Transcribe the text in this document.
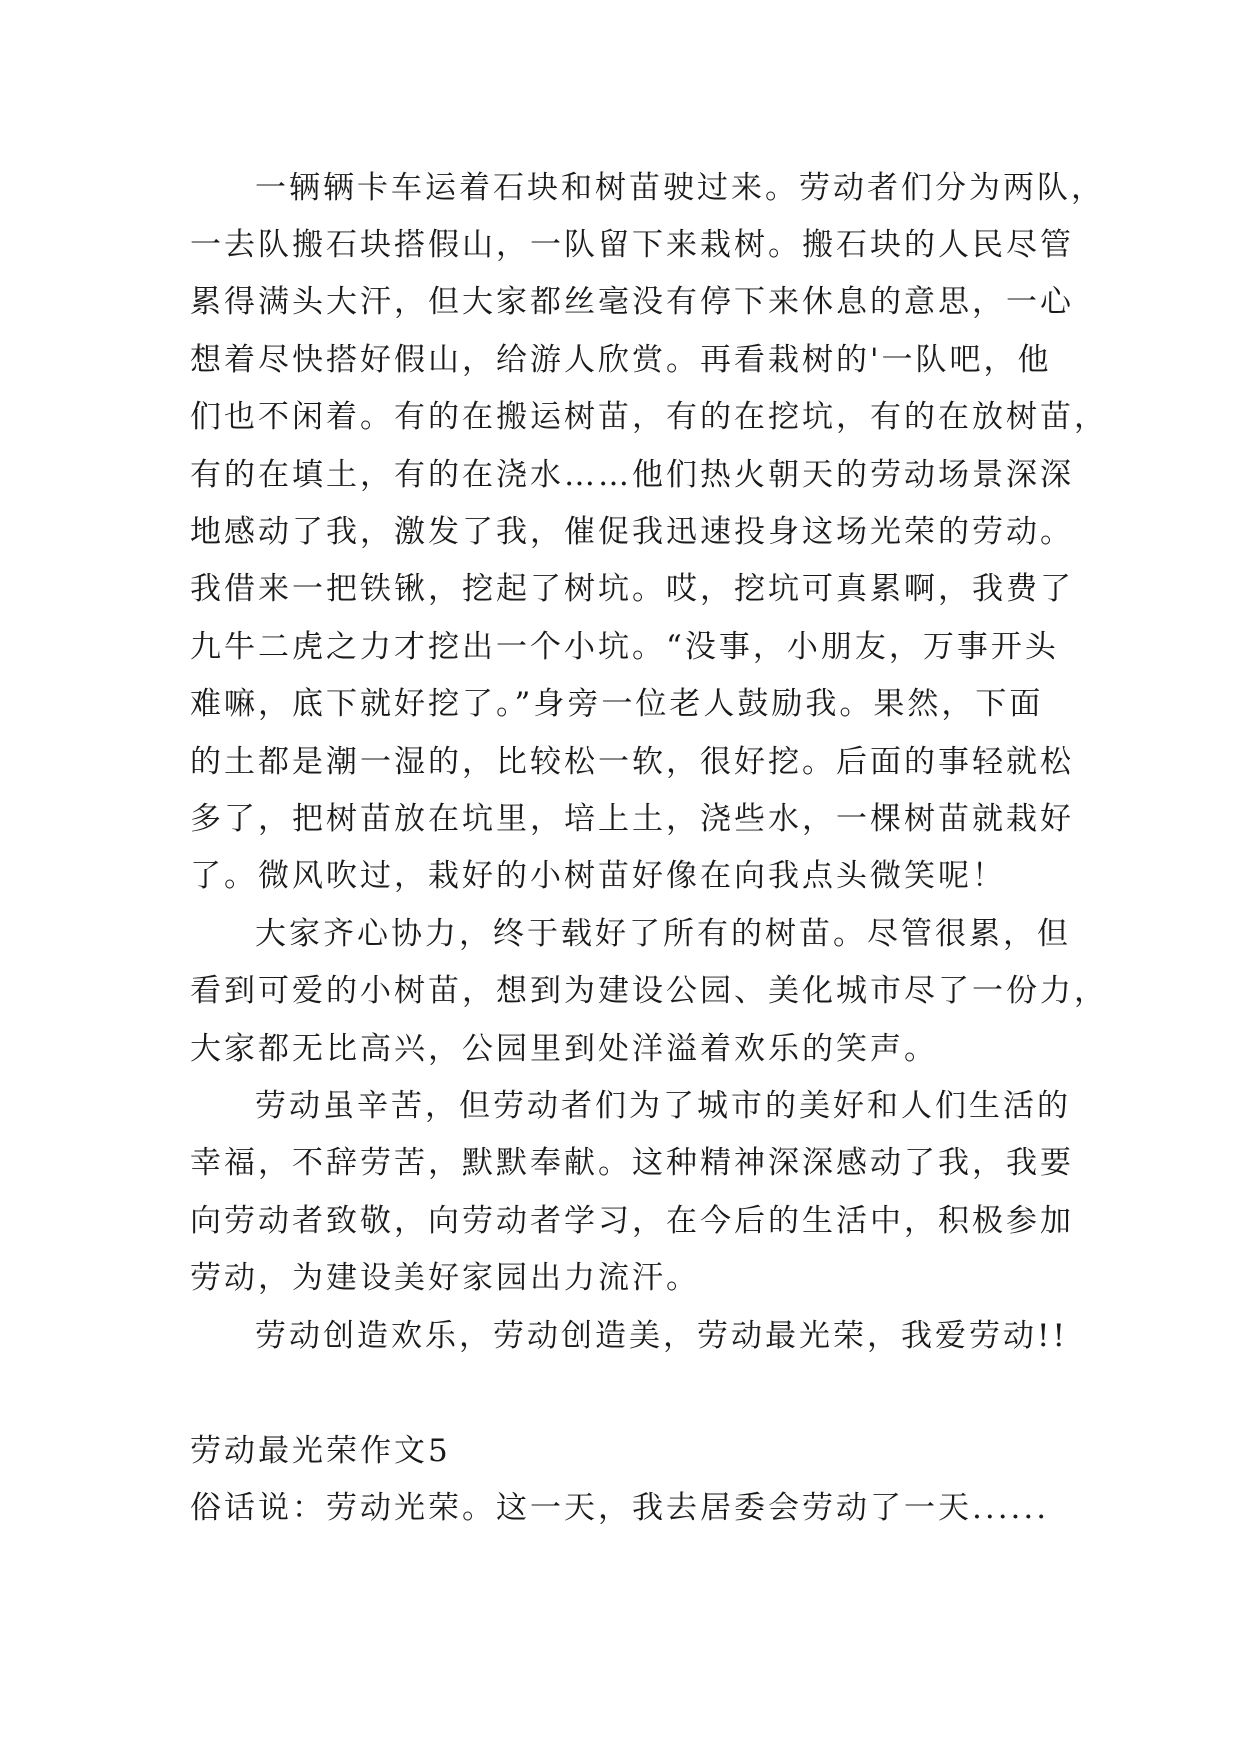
一辆辆卡车运着石块和树苗驶过来。劳动者们分为两队，
一去队搬石块搭假山，一队留下来栽树。搬石块的人民尽管
累得满头大汗，但大家都丝毫没有停下来休息的意思，一心
想着尽快搭好假山，给游人欣赏。再看栽树的'一队吧，他
们也不闲着。有的在搬运树苗，有的在挖坑，有的在放树苗，
有的在填土，有的在浇水……他们热火朝天的劳动场景深深
地感动了我，激发了我，催促我迅速投身这场光荣的劳动。
我借来一把铁锹，挖起了树坑。哎，挖坑可真累啊，我费了
九牛二虎之力才挖出一个小坑。“没事，小朋友，万事开头
难嘛，底下就好挖了。”身旁一位老人鼓励我。果然，下面
的土都是潮一湿的，比较松一软，很好挖。后面的事轻就松
多了，把树苗放在坑里，培上土，浇些水，一棵树苗就栽好
了。微风吹过，栽好的小树苗好像在向我点头微笑呢！
大家齐心协力，终于载好了所有的树苗。尽管很累，但
看到可爱的小树苗，想到为建设公园、美化城市尽了一份力，
大家都无比高兴，公园里到处洋溢着欢乐的笑声。
劳动虽辛苦，但劳动者们为了城市的美好和人们生活的
幸福，不辞劳苦，默默奉献。这种精神深深感动了我，我要
向劳动者致敬，向劳动者学习，在今后的生活中，积极参加
劳动，为建设美好家园出力流汗。
劳动创造欢乐，劳动创造美，劳动最光荣，我爱劳动!!
劳动最光荣作文5
俗话说：劳动光荣。这一天，我去居委会劳动了一天......
